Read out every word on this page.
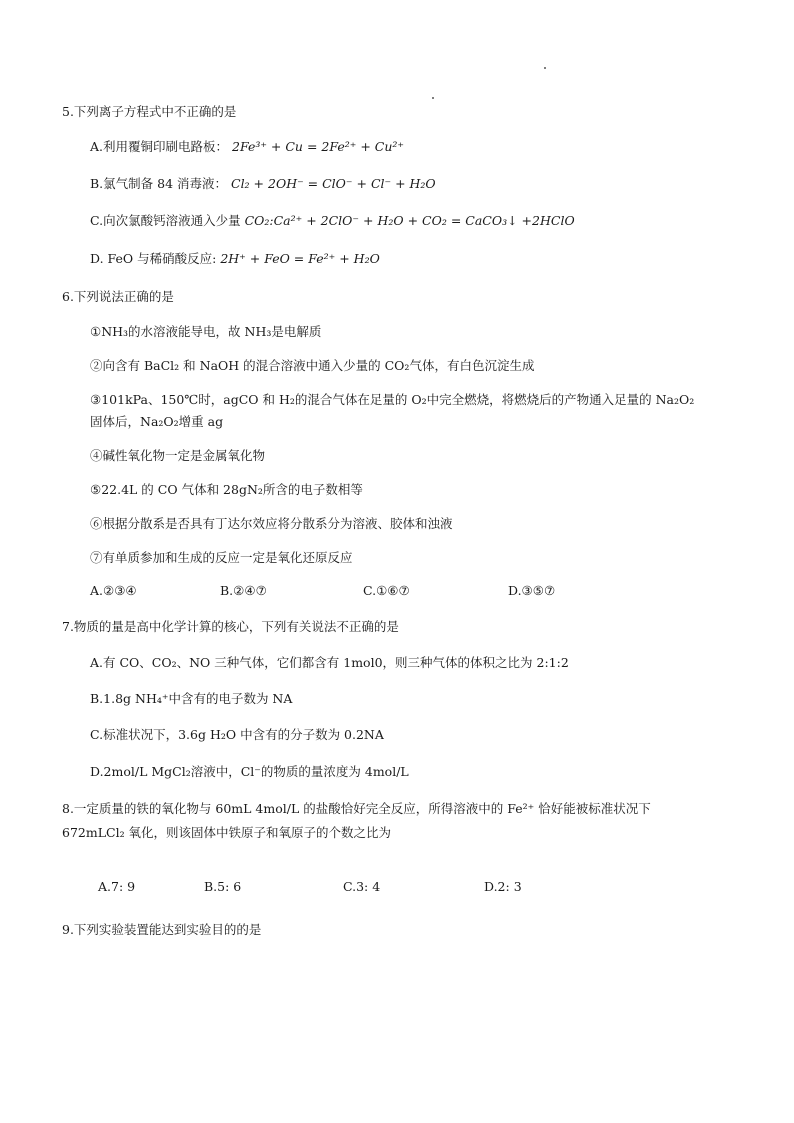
5.下列离子方程式中不正确的是
A.利用覆铜印刷电路板： 2Fe³⁺ + Cu = 2Fe²⁺ + Cu²⁺
B.氯气制备 84 消毒液： Cl₂ + 2OH⁻ = ClO⁻ + Cl⁻ + H₂O
C.向次氯酸钙溶液通入少量 CO₂:Ca²⁺ + 2ClO⁻ + H₂O + CO₂ = CaCO₃↓ +2HClO
D. FeO 与稀硝酸反应: 2H⁺ + FeO = Fe²⁺ + H₂O
6.下列说法正确的是
①NH₃的水溶液能导电，故 NH₃是电解质
②向含有 BaCl₂ 和 NaOH 的混合溶液中通入少量的 CO₂气体，有白色沉淀生成
③101kPa、150℃时，agCO 和 H₂的混合气体在足量的 O₂中完全燃烧，将燃烧后的产物通入足量的 Na₂O₂
固体后，Na₂O₂增重 ag
④碱性氧化物一定是金属氧化物
⑤22.4L 的 CO 气体和 28gN₂所含的电子数相等
⑥根据分散系是否具有丁达尔效应将分散系分为溶液、胶体和浊液
⑦有单质参加和生成的反应一定是氧化还原反应
A.②③④	B.②④⑦	C.①⑥⑦	D.③⑤⑦
7.物质的量是高中化学计算的核心，下列有关说法不正确的是
A.有 CO、CO₂、NO 三种气体，它们都含有 1mol0，则三种气体的体积之比为 2:1:2
B.1.8g NH₄⁺中含有的电子数为 NA
C.标准状况下，3.6g H₂O 中含有的分子数为 0.2NA
D.2mol/L MgCl₂溶液中，Cl⁻的物质的量浓度为 4mol/L
8.一定质量的铁的氧化物与 60mL 4mol/L 的盐酸恰好完全反应，所得溶液中的 Fe²⁺ 恰好能被标准状况下
672mLCl₂ 氧化，则该固体中铁原子和氧原子的个数之比为
A.7: 9	B.5: 6	C.3: 4	D.2: 3
9.下列实验装置能达到实验目的的是
